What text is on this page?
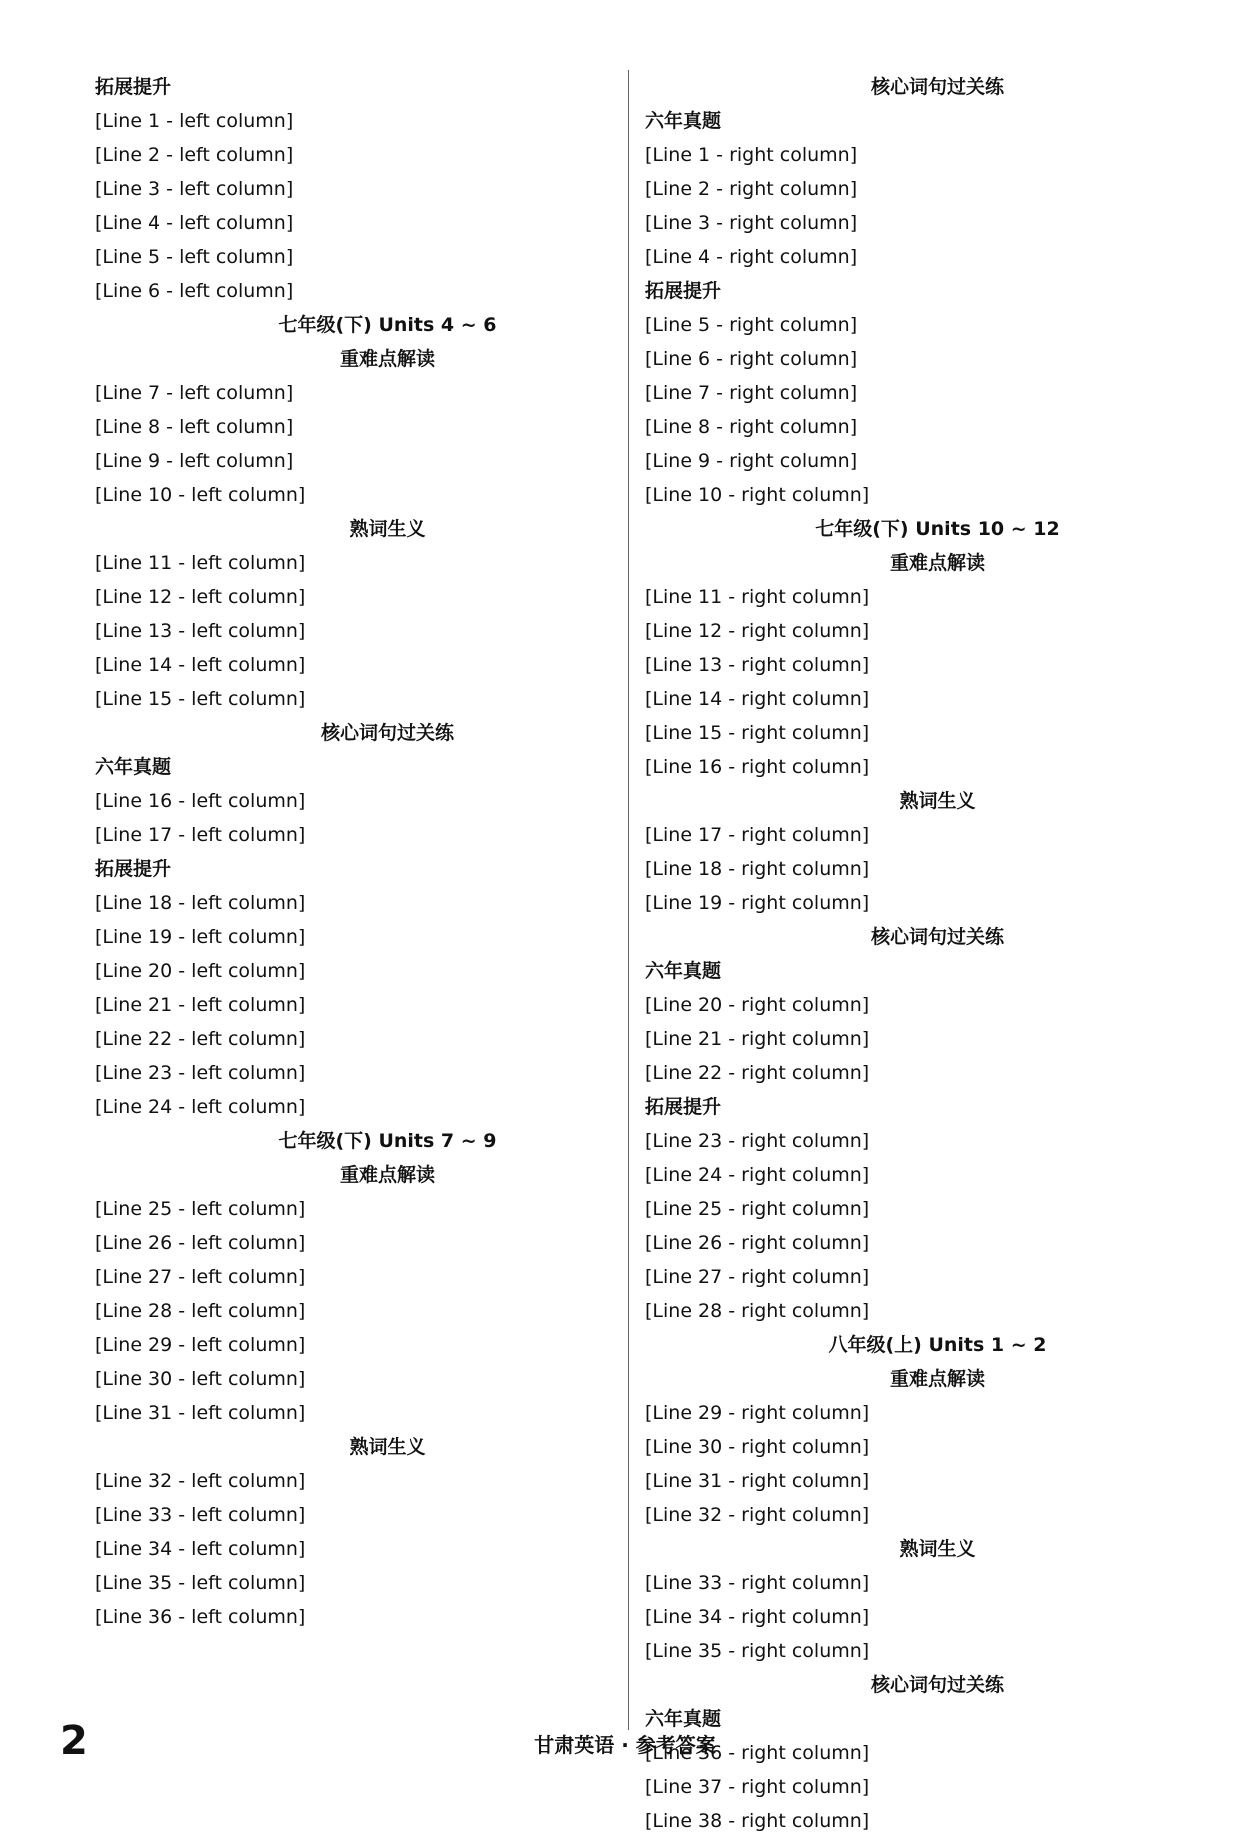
拓展提升
[Line 1 - left column]
[Line 2 - left column]
[Line 3 - left column]
[Line 4 - left column]
[Line 5 - left column]
[Line 6 - left column]
七年级(下) Units 4 ~ 6
重难点解读
[Line 7 - left column]
[Line 8 - left column]
[Line 9 - left column]
[Line 10 - left column]
熟词生义
[Line 11 - left column]
[Line 12 - left column]
[Line 13 - left column]
[Line 14 - left column]
[Line 15 - left column]
核心词句过关练
六年真题
[Line 16 - left column]
[Line 17 - left column]
拓展提升
[Line 18 - left column]
[Line 19 - left column]
[Line 20 - left column]
[Line 21 - left column]
[Line 22 - left column]
[Line 23 - left column]
[Line 24 - left column]
七年级(下) Units 7 ~ 9
重难点解读
[Line 25 - left column]
[Line 26 - left column]
[Line 27 - left column]
[Line 28 - left column]
[Line 29 - left column]
[Line 30 - left column]
[Line 31 - left column]
熟词生义
[Line 32 - left column]
[Line 33 - left column]
[Line 34 - left column]
[Line 35 - left column]
[Line 36 - left column]
核心词句过关练
六年真题
[Line 1 - right column]
[Line 2 - right column]
[Line 3 - right column]
[Line 4 - right column]
拓展提升
[Line 5 - right column]
[Line 6 - right column]
[Line 7 - right column]
[Line 8 - right column]
[Line 9 - right column]
[Line 10 - right column]
七年级(下) Units 10 ~ 12
重难点解读
[Line 11 - right column]
[Line 12 - right column]
[Line 13 - right column]
[Line 14 - right column]
[Line 15 - right column]
[Line 16 - right column]
熟词生义
[Line 17 - right column]
[Line 18 - right column]
[Line 19 - right column]
核心词句过关练
六年真题
[Line 20 - right column]
[Line 21 - right column]
[Line 22 - right column]
拓展提升
[Line 23 - right column]
[Line 24 - right column]
[Line 25 - right column]
[Line 26 - right column]
[Line 27 - right column]
[Line 28 - right column]
八年级(上) Units 1 ~ 2
重难点解读
[Line 29 - right column]
[Line 30 - right column]
[Line 31 - right column]
[Line 32 - right column]
熟词生义
[Line 33 - right column]
[Line 34 - right column]
[Line 35 - right column]
核心词句过关练
六年真题
[Line 36 - right column]
[Line 37 - right column]
[Line 38 - right column]
2	甘肃英语 · 参考答案
